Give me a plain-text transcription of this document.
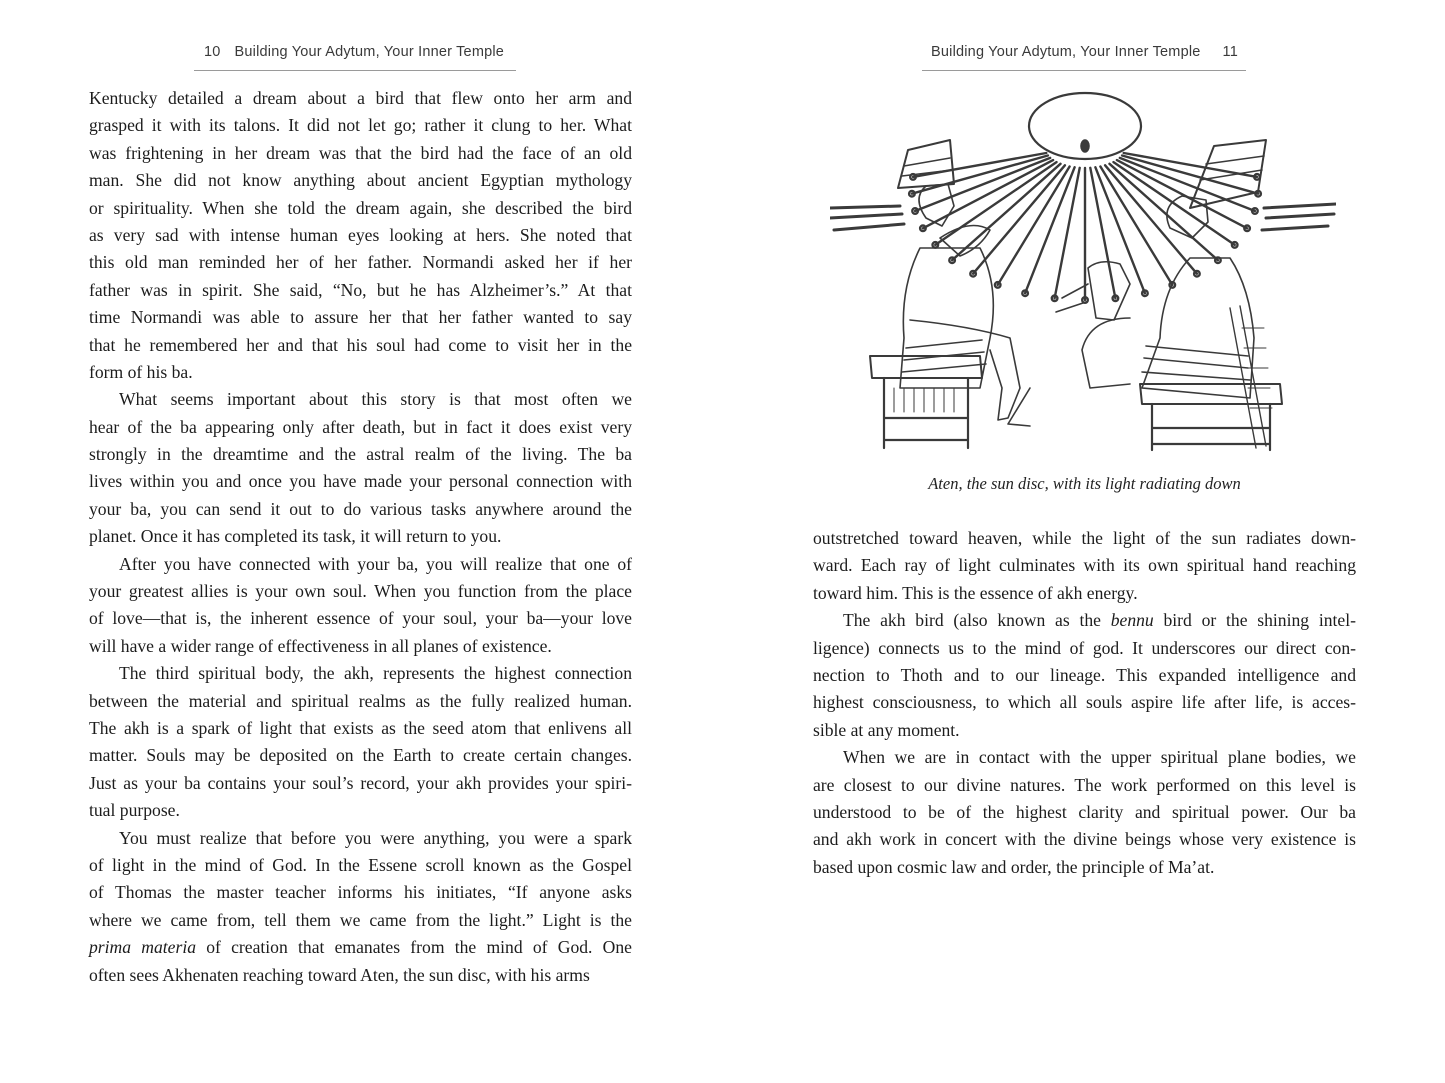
10 Building Your Adytum, Your Inner Temple
Kentucky detailed a dream about a bird that flew onto her arm and
grasped it with its talons. It did not let go; rather it clung to her. What
was frightening in her dream was that the bird had the face of an old
man. She did not know anything about ancient Egyptian mythology
or spirituality. When she told the dream again, she described the bird
as very sad with intense human eyes looking at hers. She noted that
this old man reminded her of her father. Normandi asked her if her
father was in spirit. She said, “No, but he has Alzheimer’s.” At that
time Normandi was able to assure her that her father wanted to say
that he remembered her and that his soul had come to visit her in the
form of his ba.
What seems important about this story is that most often we
hear of the ba appearing only after death, but in fact it does exist very
strongly in the dreamtime and the astral realm of the living. The ba
lives within you and once you have made your personal connection with
your ba, you can send it out to do various tasks anywhere around the
planet. Once it has completed its task, it will return to you.
After you have connected with your ba, you will realize that one of
your greatest allies is your own soul. When you function from the place
of love—that is, the inherent essence of your soul, your ba—your love
will have a wider range of effectiveness in all planes of existence.
The third spiritual body, the akh, represents the highest connection
between the material and spiritual realms as the fully realized human.
The akh is a spark of light that exists as the seed atom that enlivens all
matter. Souls may be deposited on the Earth to create certain changes.
Just as your ba contains your soul’s record, your akh provides your spiri-
tual purpose.
You must realize that before you were anything, you were a spark
of light in the mind of God. In the Essene scroll known as the Gospel
of Thomas the master teacher informs his initiates, “If anyone asks
where we came from, tell them we came from the light.” Light is the
prima materia of creation that emanates from the mind of God. One
often sees Akhenaten reaching toward Aten, the sun disc, with his arms
Building Your Adytum, Your Inner Temple 11
Aten, the sun disc, with its light radiating down
outstretched toward heaven, while the light of the sun radiates down-
ward. Each ray of light culminates with its own spiritual hand reaching
toward him. This is the essence of akh energy.
The akh bird (also known as the bennu bird or the shining intel-
ligence) connects us to the mind of god. It underscores our direct con-
nection to Thoth and to our lineage. This expanded intelligence and
highest consciousness, to which all souls aspire life after life, is acces-
sible at any moment.
When we are in contact with the upper spiritual plane bodies, we
are closest to our divine natures. The work performed on this level is
understood to be of the highest clarity and spiritual power. Our ba
and akh work in concert with the divine beings whose very existence is
based upon cosmic law and order, the principle of Ma’at.
